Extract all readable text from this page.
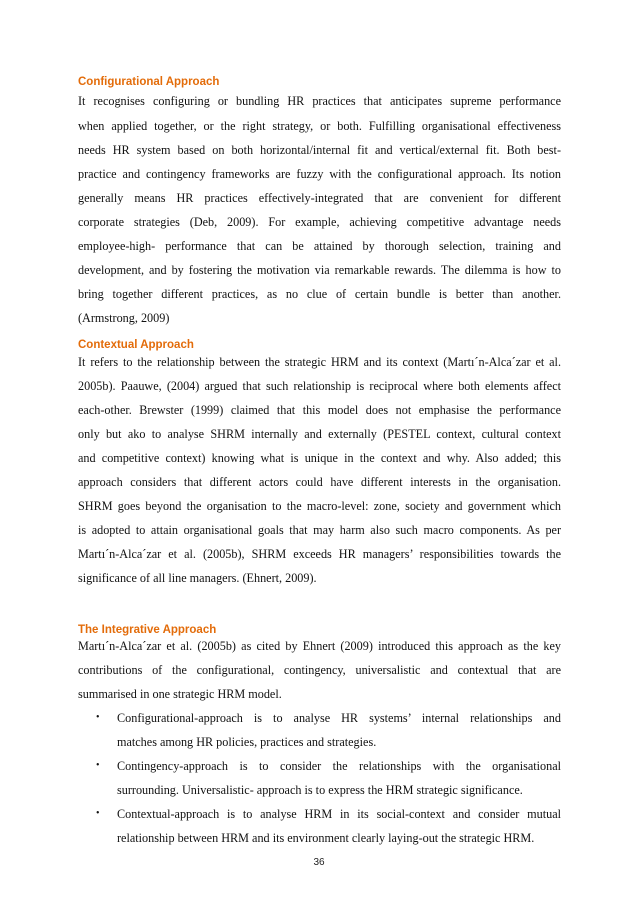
Configurational Approach
It recognises configuring or bundling HR practices that anticipates supreme performance
when applied together, or the right strategy, or both. Fulfilling organisational effectiveness
needs HR system based on both horizontal/internal fit and vertical/external fit. Both best-
practice and contingency frameworks are fuzzy with the configurational approach. Its notion
generally means HR practices effectively-integrated that are convenient for different
corporate strategies (Deb, 2009). For example, achieving competitive advantage needs
employee-high- performance that can be attained by thorough selection, training and
development, and by fostering the motivation via remarkable rewards. The dilemma is how to
bring together different practices, as no clue of certain bundle is better than another.
(Armstrong, 2009)
Contextual Approach
It refers to the relationship between the strategic HRM and its context (Martı´n-Alca´zar et al.
2005b). Paauwe, (2004) argued that such relationship is reciprocal where both elements affect
each-other. Brewster (1999) claimed that this model does not emphasise the performance
only but ako to analyse SHRM internally and externally (PESTEL context, cultural context
and competitive context) knowing what is unique in the context and why. Also added; this
approach considers that different actors could have different interests in the organisation.
SHRM goes beyond the organisation to the macro-level: zone, society and government which
is adopted to attain organisational goals that may harm also such macro components. As per
Martı´n-Alca´zar et al. (2005b), SHRM exceeds HR managers’ responsibilities towards the
significance of all line managers. (Ehnert, 2009).
The Integrative Approach
Martı´n-Alca´zar et al. (2005b) as cited by Ehnert (2009) introduced this approach as the key
contributions of the configurational, contingency, universalistic and contextual that are
summarised in one strategic HRM model.
• Configurational-approach is to analyse HR systems’ internal relationships and
matches among HR policies, practices and strategies.
• Contingency-approach is to consider the relationships with the organisational
surrounding. Universalistic- approach is to express the HRM strategic significance.
• Contextual-approach is to analyse HRM in its social-context and consider mutual
relationship between HRM and its environment clearly laying-out the strategic HRM.
36
